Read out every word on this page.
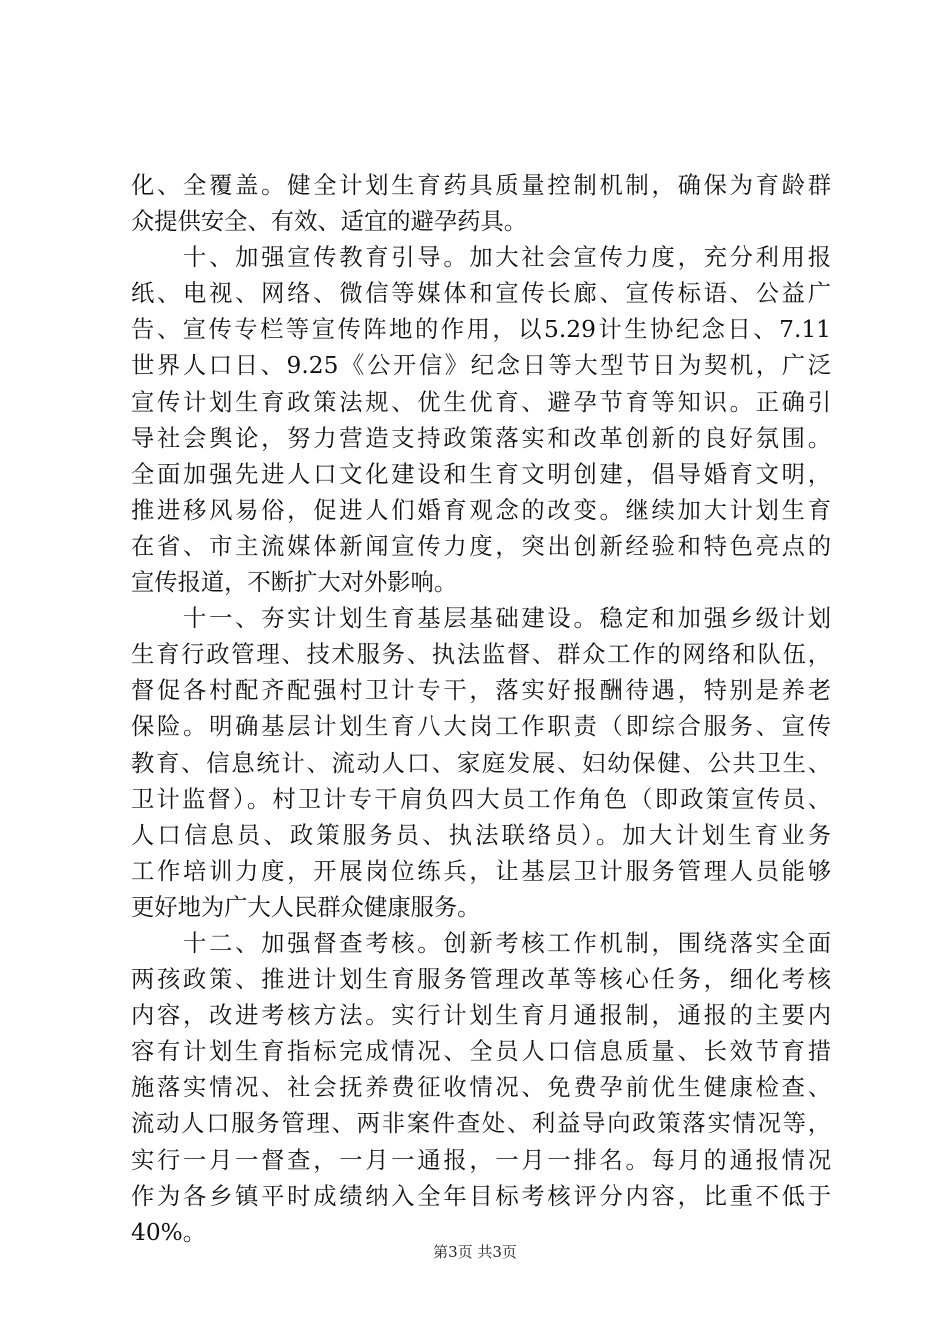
化、全覆盖。健全计划生育药具质量控制机制，确保为育龄群
众提供安全、有效、适宜的避孕药具。
　　十、加强宣传教育引导。加大社会宣传力度，充分利用报
纸、电视、网络、微信等媒体和宣传长廊、宣传标语、公益广
告、宣传专栏等宣传阵地的作用，以5.29计生协纪念日、7.11
世界人口日、9.25《公开信》纪念日等大型节日为契机，广泛
宣传计划生育政策法规、优生优育、避孕节育等知识。正确引
导社会舆论，努力营造支持政策落实和改革创新的良好氛围。
全面加强先进人口文化建设和生育文明创建，倡导婚育文明，
推进移风易俗，促进人们婚育观念的改变。继续加大计划生育
在省、市主流媒体新闻宣传力度，突出创新经验和特色亮点的
宣传报道，不断扩大对外影响。
　　十一、夯实计划生育基层基础建设。稳定和加强乡级计划
生育行政管理、技术服务、执法监督、群众工作的网络和队伍，
督促各村配齐配强村卫计专干，落实好报酬待遇，特别是养老
保险。明确基层计划生育八大岗工作职责（即综合服务、宣传
教育、信息统计、流动人口、家庭发展、妇幼保健、公共卫生、
卫计监督）。村卫计专干肩负四大员工作角色（即政策宣传员、
人口信息员、政策服务员、执法联络员）。加大计划生育业务
工作培训力度，开展岗位练兵，让基层卫计服务管理人员能够
更好地为广大人民群众健康服务。
　　十二、加强督查考核。创新考核工作机制，围绕落实全面
两孩政策、推进计划生育服务管理改革等核心任务，细化考核
内容，改进考核方法。实行计划生育月通报制，通报的主要内
容有计划生育指标完成情况、全员人口信息质量、长效节育措
施落实情况、社会抚养费征收情况、免费孕前优生健康检查、
流动人口服务管理、两非案件查处、利益导向政策落实情况等，
实行一月一督查，一月一通报，一月一排名。每月的通报情况
作为各乡镇平时成绩纳入全年目标考核评分内容，比重不低于
40%。
第3页 共3页
